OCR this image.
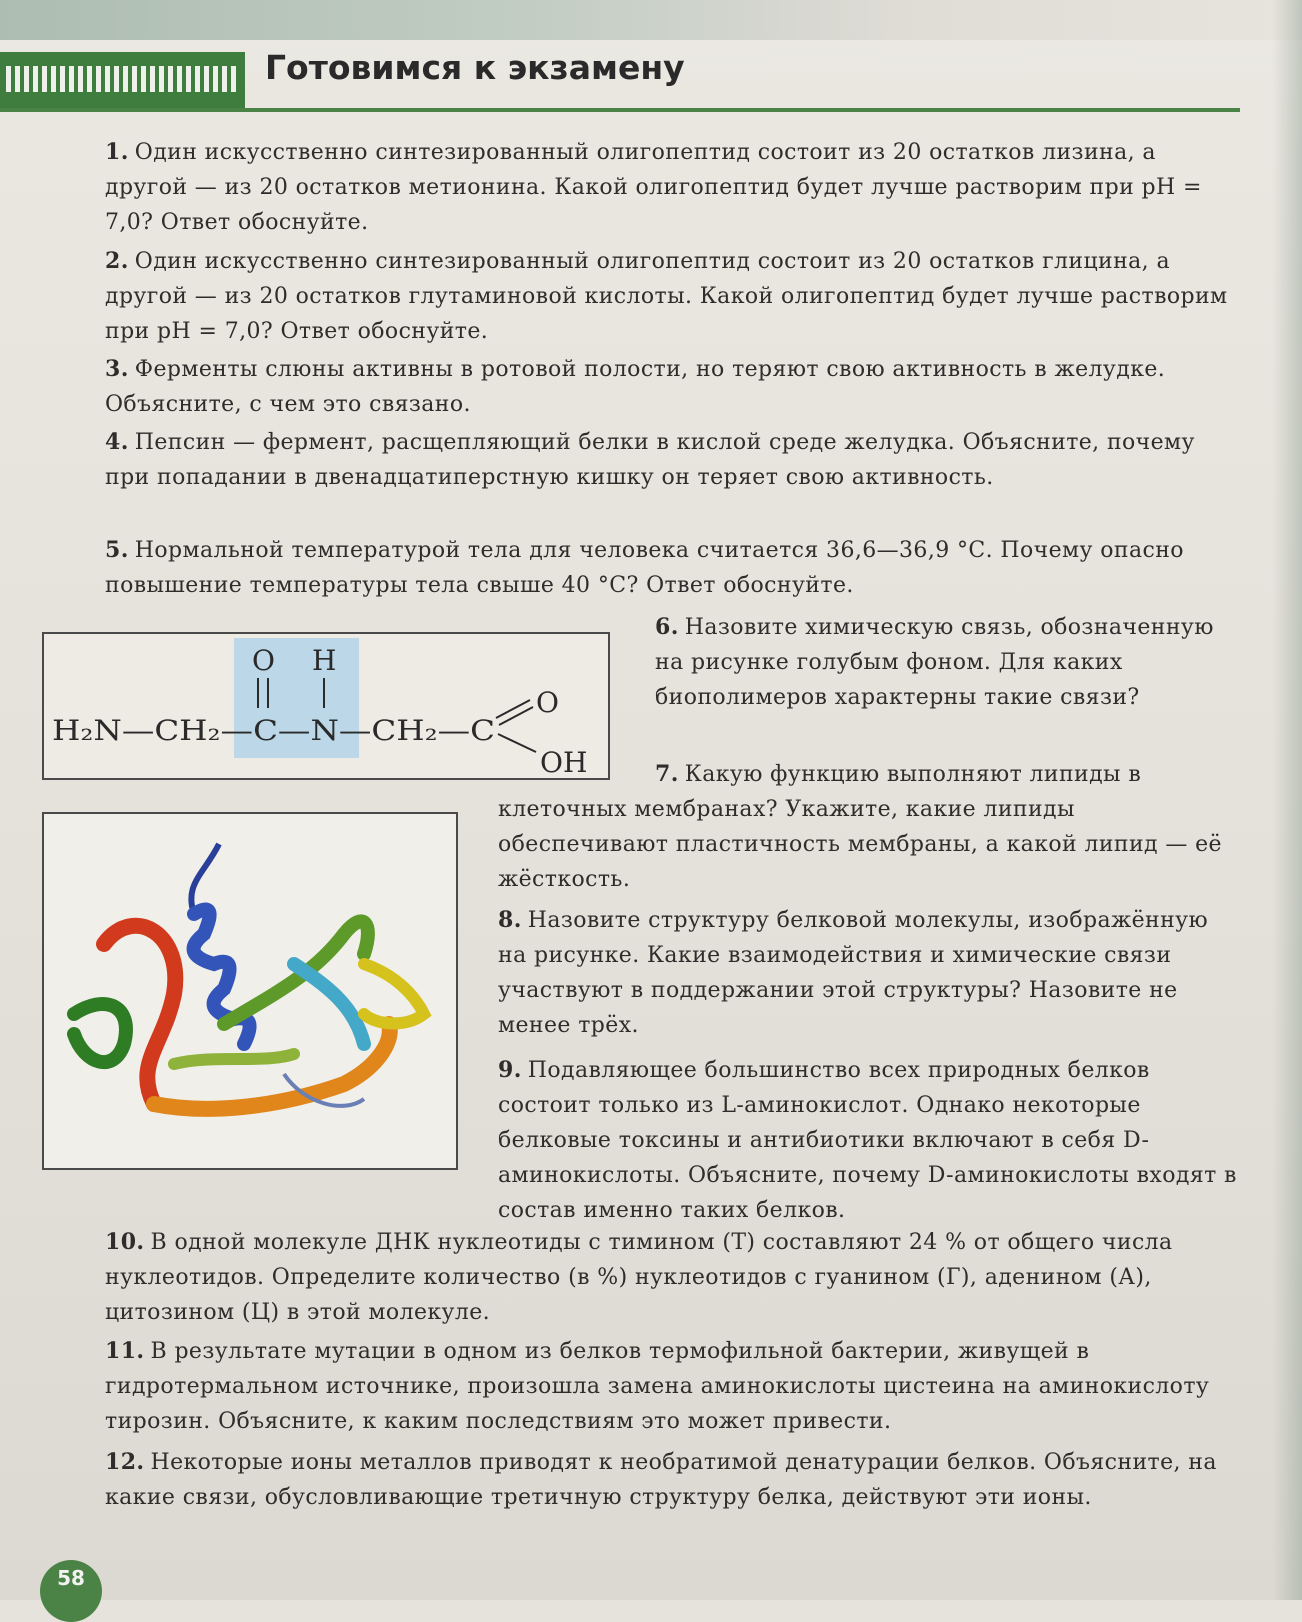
Готовимся к экзамену
1. Один искусственно синтезированный олигопептид состоит из 20 остатков лизина, а другой — из 20 остатков метионина. Какой олигопептид будет лучше растворим при pH = 7,0? Ответ обоснуйте.
2. Один искусственно синтезированный олигопептид состоит из 20 остатков глицина, а другой — из 20 остатков глутаминовой кислоты. Какой олигопептид будет лучше растворим при pH = 7,0? Ответ обоснуйте.
3. Ферменты слюны активны в ротовой полости, но теряют свою активность в желудке. Объясните, с чем это связано.
4. Пепсин — фермент, расщепляющий белки в кислой среде желудка. Объясните, почему при попадании в двенадцатиперстную кишку он теряет свою активность.
5. Нормальной температурой тела для человека считается 36,6—36,9 °С. Почему опасно повышение температуры тела свыше 40 °С? Ответ обоснуйте.
O H
H₂N—CH₂—C—N—CH₂—C
O
OH
6. Назовите химическую связь, обозначенную на рисунке голубым фоном. Для каких биополимеров характерны такие связи?
7. Какую функцию выполняют липиды в клеточных мембранах? Укажите, какие липиды обеспечивают пластичность мембраны, а какой липид — её жёсткость.
8. Назовите структуру белковой молекулы, изображённую на рисунке. Какие взаимодействия и химические связи участвуют в поддержании этой структуры? Назовите не менее трёх.
9. Подавляющее большинство всех природных белков состоит только из L-аминокислот. Однако некоторые белковые токсины и антибиотики включают в себя D-аминокислоты. Объясните, почему D-аминокислоты входят в состав именно таких белков.
10. В одной молекуле ДНК нуклеотиды с тимином (Т) составляют 24 % от общего числа нуклеотидов. Определите количество (в %) нуклеотидов с гуанином (Г), аденином (А), цитозином (Ц) в этой молекуле.
11. В результате мутации в одном из белков термофильной бактерии, живущей в гидротермальном источнике, произошла замена аминокислоты цистеина на аминокислоту тирозин. Объясните, к каким последствиям это может привести.
12. Некоторые ионы металлов приводят к необратимой денатурации белков. Объясните, на какие связи, обусловливающие третичную структуру белка, действуют эти ионы.
58
